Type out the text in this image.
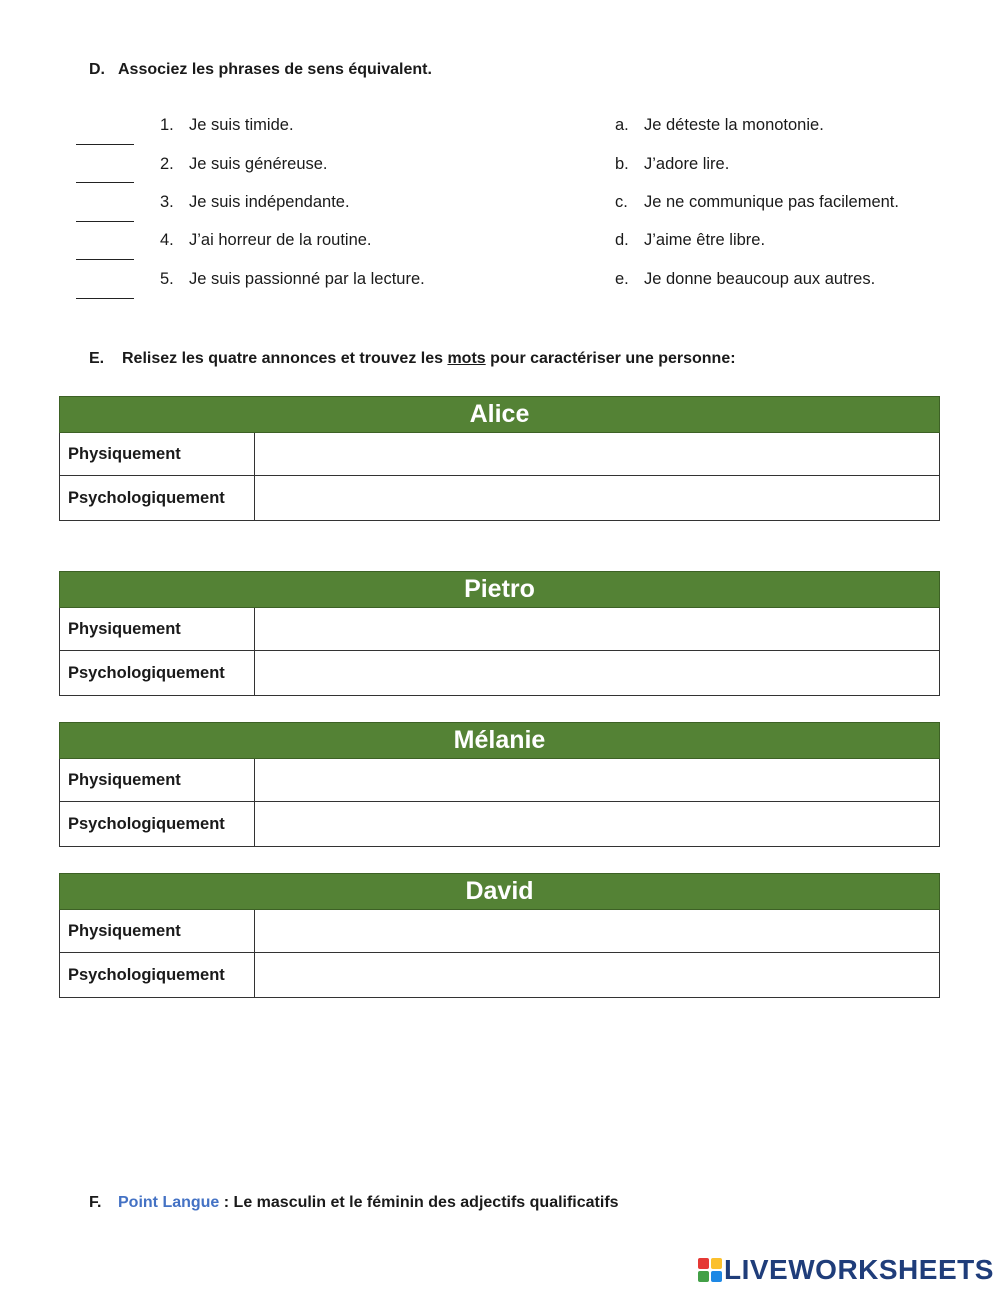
D. Associez les phrases de sens équivalent.
1. Je suis timide.
2. Je suis généreuse.
3. Je suis indépendante.
4. J’ai horreur de la routine.
5. Je suis passionné par la lecture.
a. Je déteste la monotonie.
b. J’adore lire.
c. Je ne communique pas facilement.
d. J’aime être libre.
e. Je donne beaucoup aux autres.
E. Relisez les quatre annonces et trouvez les mots pour caractériser une personne:
Alice	
Physiquement	
Psychologiquement	
Pietro	
Physiquement	
Psychologiquement	
Mélanie	
Physiquement	
Psychologiquement	
David	
Physiquement	
Psychologiquement	
F. Point Langue : Le masculin et le féminin des adjectifs qualificatifs
LIVEWORKSHEETS
